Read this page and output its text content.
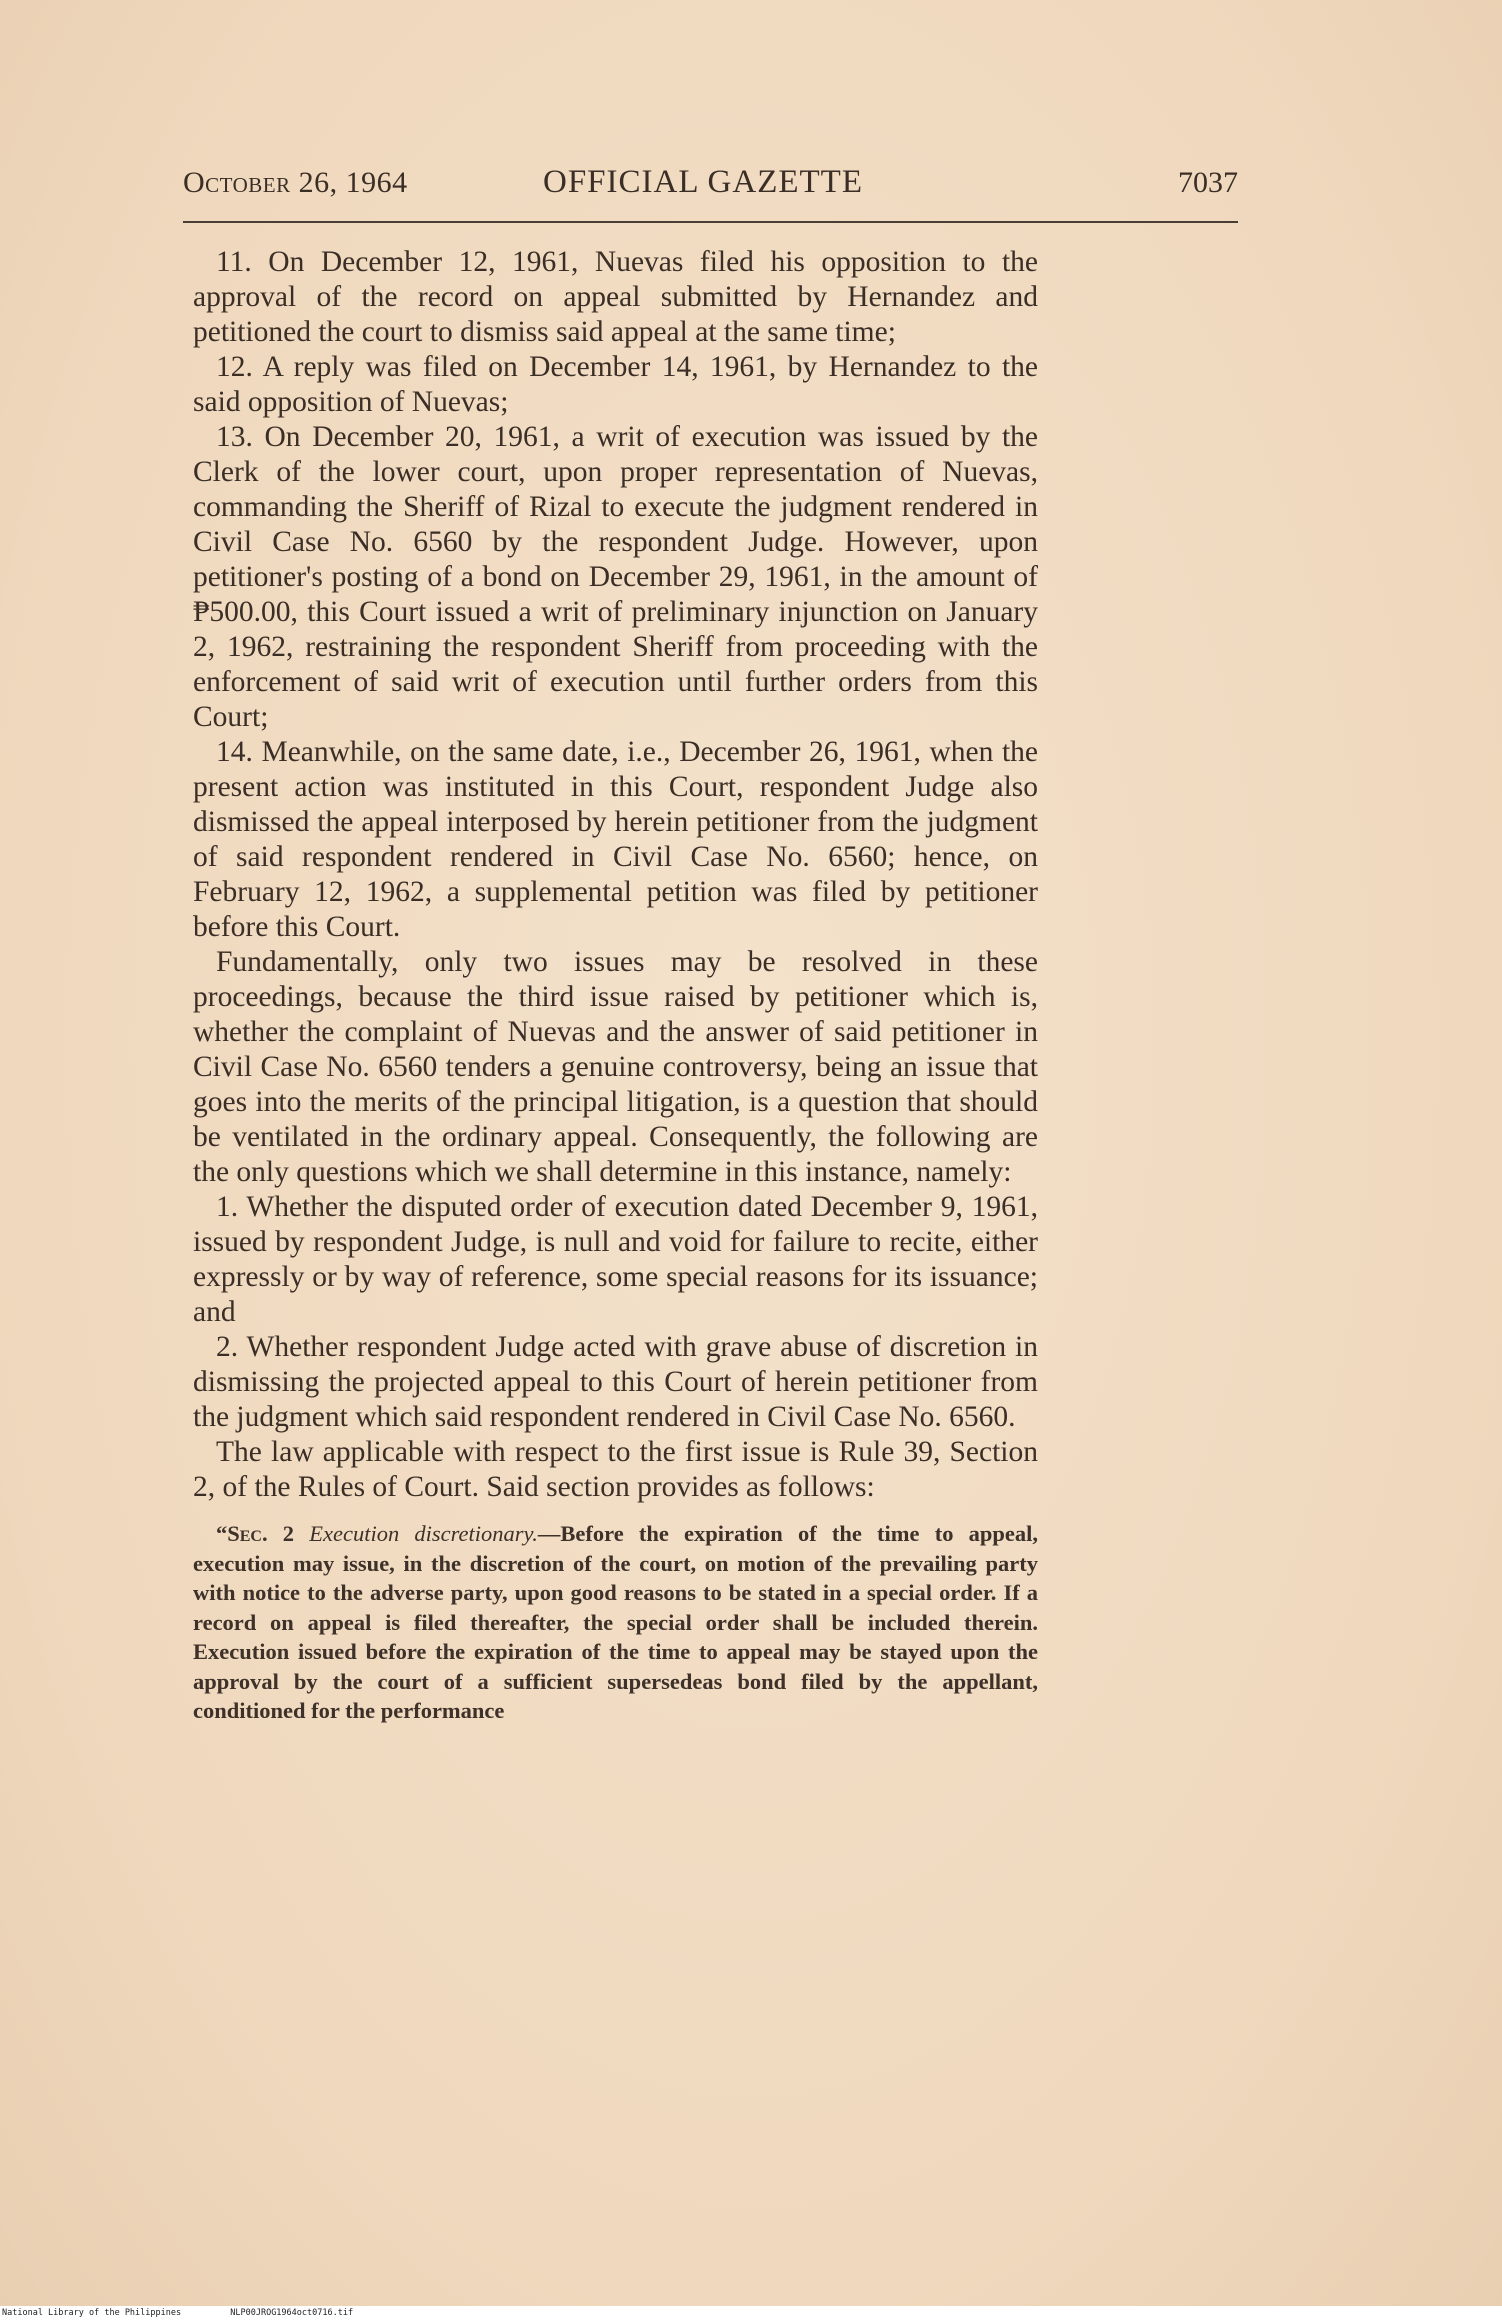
October 26, 1964	OFFICIAL GAZETTE	7037

11. On December 12, 1961, Nuevas filed his opposition to the approval of the record on appeal submitted by Hernandez and petitioned the court to dismiss said appeal at the same time;

12. A reply was filed on December 14, 1961, by Hernandez to the said opposition of Nuevas;

13. On December 20, 1961, a writ of execution was issued by the Clerk of the lower court, upon proper representation of Nuevas, commanding the Sheriff of Rizal to execute the judgment rendered in Civil Case No. 6560 by the respondent Judge. However, upon petitioner's posting of a bond on December 29, 1961, in the amount of ₱500.00, this Court issued a writ of preliminary injunction on January 2, 1962, restraining the respondent Sheriff from proceeding with the enforcement of said writ of execution until further orders from this Court;

14. Meanwhile, on the same date, i.e., December 26, 1961, when the present action was instituted in this Court, respondent Judge also dismissed the appeal interposed by herein petitioner from the judgment of said respondent rendered in Civil Case No. 6560; hence, on February 12, 1962, a supplemental petition was filed by petitioner before this Court.

Fundamentally, only two issues may be resolved in these proceedings, because the third issue raised by petitioner which is, whether the complaint of Nuevas and the answer of said petitioner in Civil Case No. 6560 tenders a genuine controversy, being an issue that goes into the merits of the principal litigation, is a question that should be ventilated in the ordinary appeal. Consequently, the following are the only questions which we shall determine in this instance, namely:

1. Whether the disputed order of execution dated December 9, 1961, issued by respondent Judge, is null and void for failure to recite, either expressly or by way of reference, some special reasons for its issuance; and

2. Whether respondent Judge acted with grave abuse of discretion in dismissing the projected appeal to this Court of herein petitioner from the judgment which said respondent rendered in Civil Case No. 6560.

The law applicable with respect to the first issue is Rule 39, Section 2, of the Rules of Court. Said section provides as follows:

“Sec. 2 Execution discretionary.—Before the expiration of the time to appeal, execution may issue, in the discretion of the court, on motion of the prevailing party with notice to the adverse party, upon good reasons to be stated in a special order. If a record on appeal is filed thereafter, the special order shall be included therein. Execution issued before the expiration of the time to appeal may be stayed upon the approval by the court of a sufficient supersedeas bond filed by the appellant, conditioned for the performance

National Library of the Philippines	NLP00JROG1964oct0716.tif
